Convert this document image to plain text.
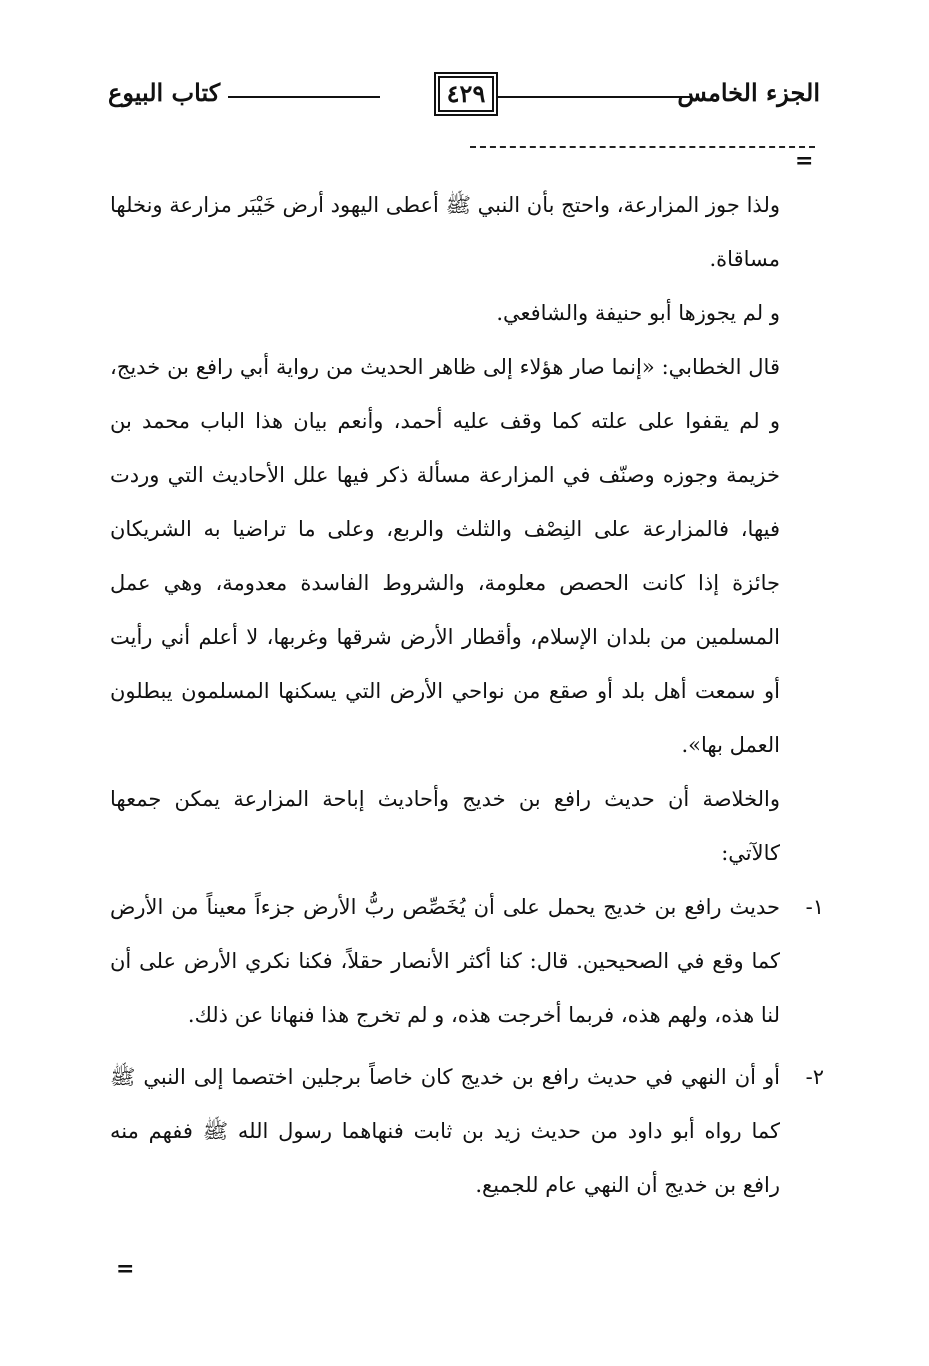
الجزء الخامس
٤٢٩
كتاب البيوع
=

ولذا جوز المزارعة، واحتج بأن النبي ﷺ أعطى اليهود أرض خَيْبَر مزارعة ونخلها مساقاة.

و لم يجوزها أبو حنيفة والشافعي.

قال الخطابي: «إنما صار هؤلاء إلى ظاهر الحديث من رواية أبي رافع بن خديج، و لم يقفوا على علته كما وقف عليه أحمد، وأنعم بيان هذا الباب محمد بن خزيمة وجوزه وصنّف في المزارعة مسألة ذكر فيها علل الأحاديث التي وردت فيها، فالمزارعة على النِصْف والثلث والربع، وعلى ما تراضيا به الشريكان جائزة إذا كانت الحصص معلومة، والشروط الفاسدة معدومة، وهي عمل المسلمين من بلدان الإسلام، وأقطار الأرض شرقها وغربها، لا أعلم أني رأيت أو سمعت أهل بلد أو صقع من نواحي الأرض التي يسكنها المسلمون يبطلون العمل بها».

والخلاصة أن حديث رافع بن خديج وأحاديث إباحة المزارعة يمكن جمعها كالآتي:

١-
حديث رافع بن خديج يحمل على أن يُخَصِّص ربُّ الأرض جزءاً معيناً من الأرض كما وقع في الصحيحين. قال: كنا أكثر الأنصار حقلاً، فكنا نكري الأرض على أن لنا هذه، ولهم هذه، فربما أخرجت هذه، و لم تخرج هذا فنهانا عن ذلك.
٢-
أو أن النهي في حديث رافع بن خديج كان خاصاً برجلين اختصما إلى النبي ﷺ كما رواه أبو داود من حديث زيد بن ثابت فنهاهما رسول الله ﷺ ففهم منه رافع بن خديج أن النهي عام للجميع.
=
